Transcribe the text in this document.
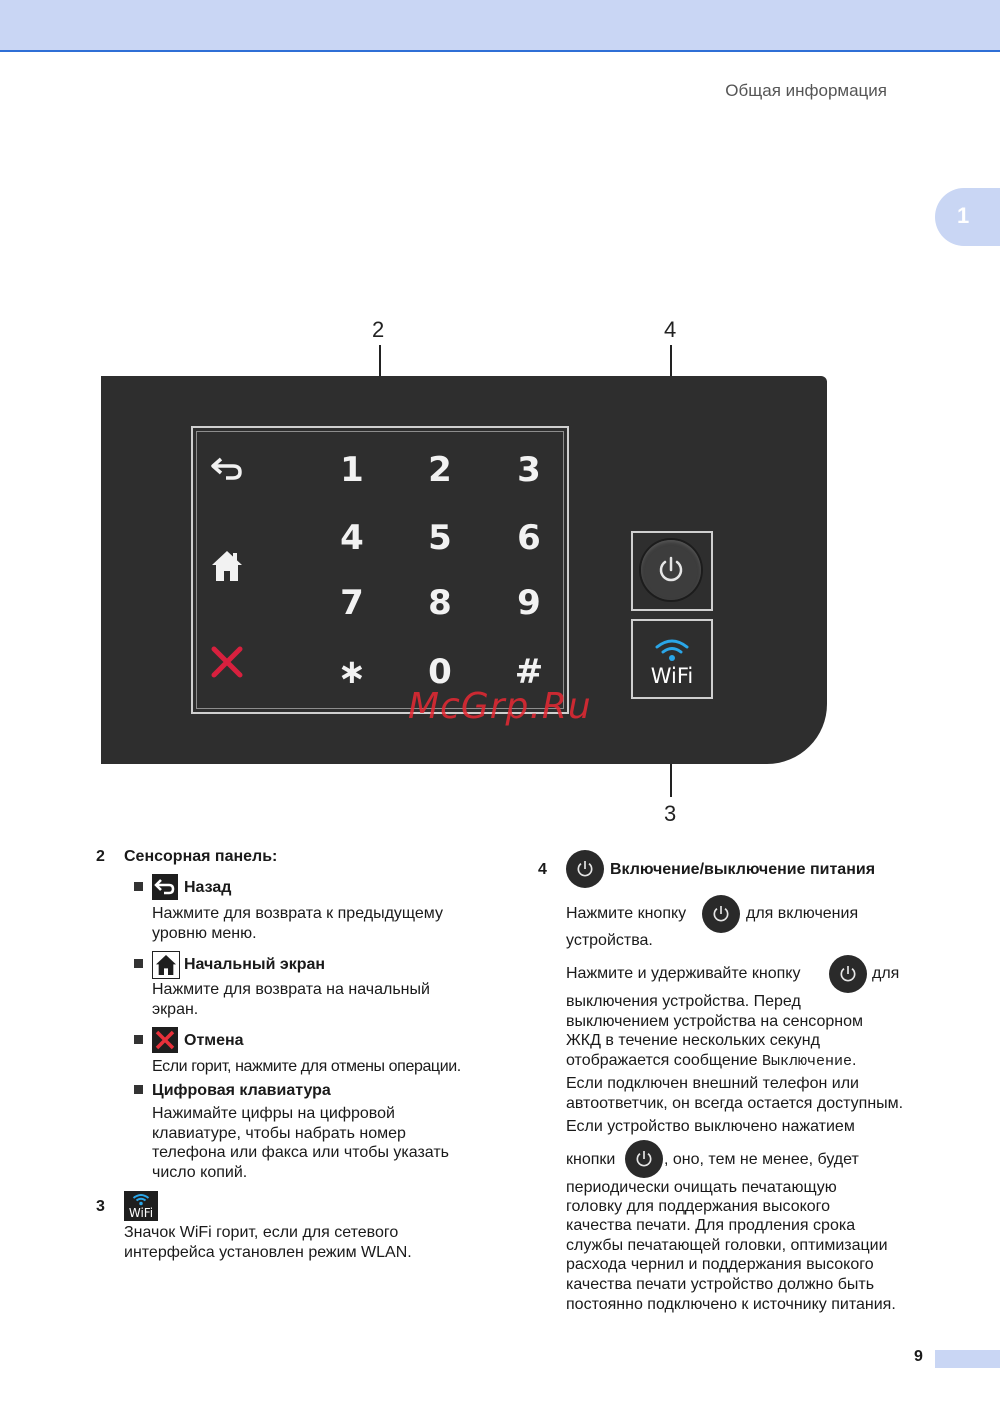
Общая информация
1
2	4
3
1	2	3
4	5	6
7	8	9
∗	0	#	WiFi
McGrp.Ru
2 Сенсорная панель:
Назад
Нажмите для возврата к предыдущему
уровню меню.
Начальный экран
Нажмите для возврата на начальный
экран.
Отмена
Если горит, нажмите для отмены операции.
Цифровая клавиатура
Нажимайте цифры на цифровой
клавиатуре, чтобы набрать номер
телефона или факса или чтобы указать
число копий.
3	WiFi
Значок WiFi горит, если для сетевого
интерфейса установлен режим WLAN.
4	Включение/выключение питания
Нажмите кнопку	для включения
устройства.
Нажмите и удерживайте кнопку	для
выключения устройства. Перед
выключением устройства на сенсорном
ЖКД в течение нескольких секунд
отображается сообщение Выключение.
Если подключен внешний телефон или
автоответчик, он всегда остается доступным.
Если устройство выключено нажатием
кнопки	, оно, тем не менее, будет
периодически очищать печатающую
головку для поддержания высокого
качества печати. Для продления срока
службы печатающей головки, оптимизации
расхода чернил и поддержания высокого
качества печати устройство должно быть
постоянно подключено к источнику питания.
9
